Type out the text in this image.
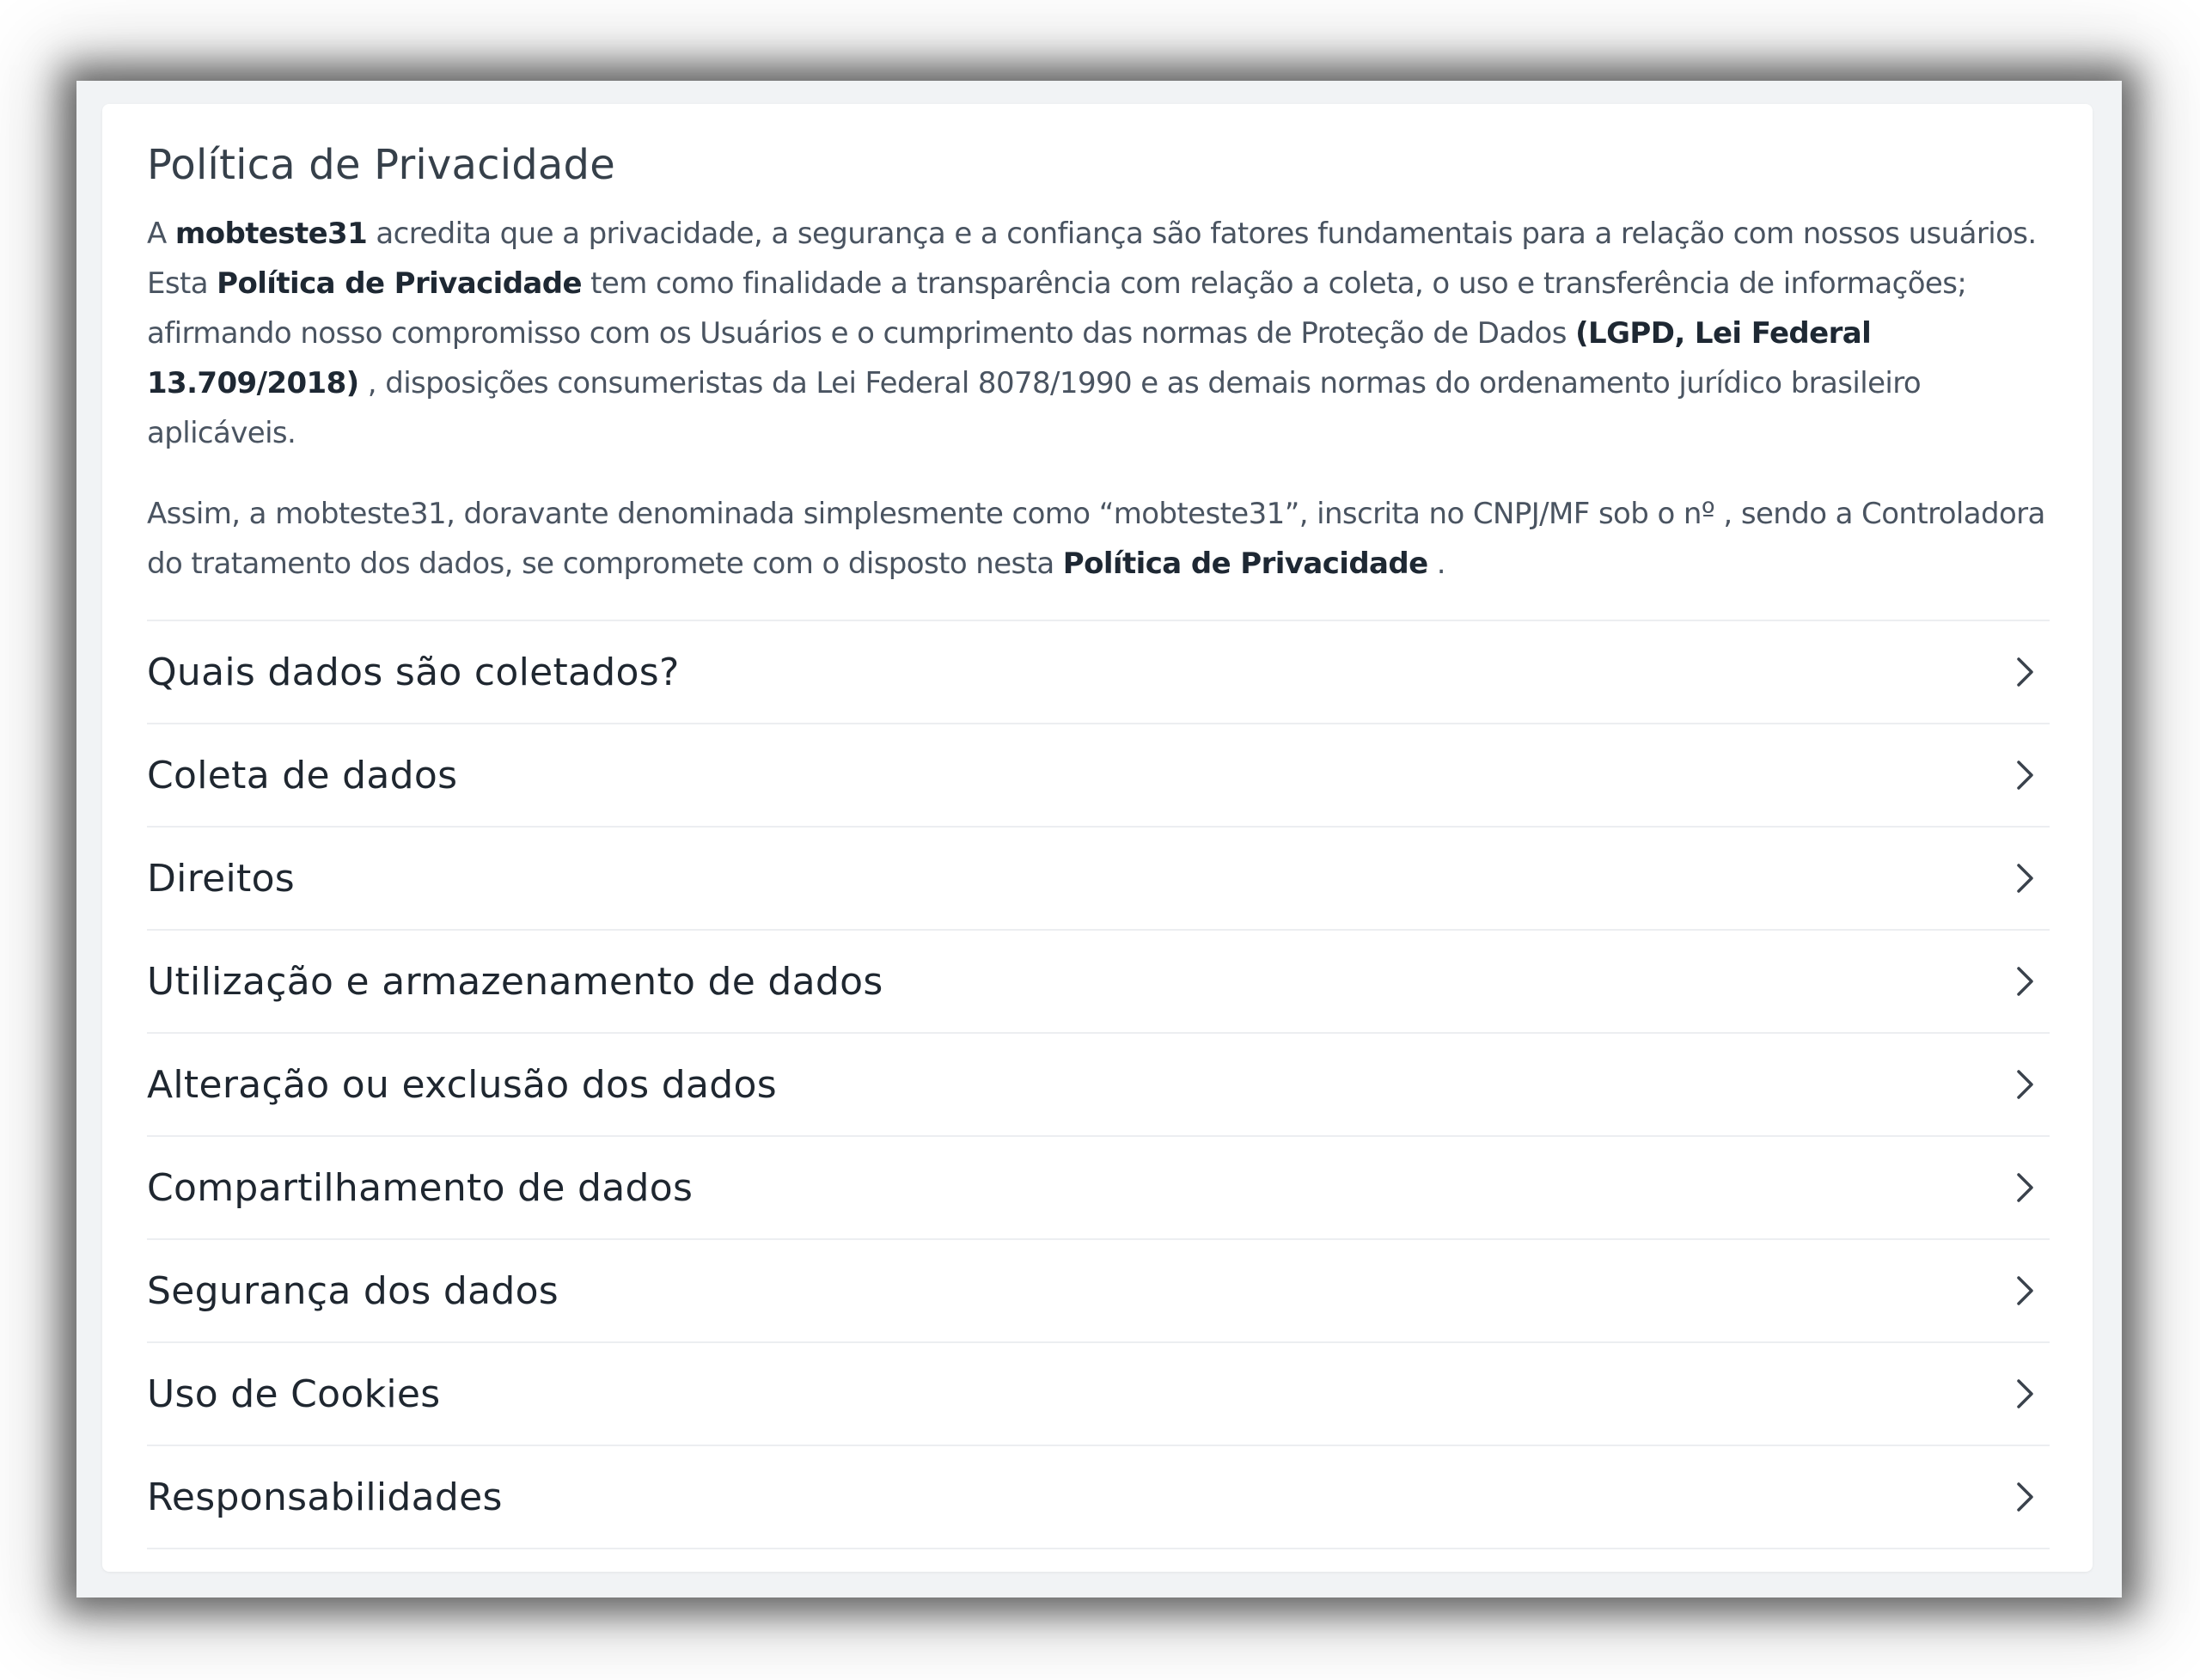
Política de Privacidade

A mobteste31 acredita que a privacidade, a segurança e a confiança são fatores fundamentais para a relação com nossos usuários. Esta Política de Privacidade tem como finalidade a transparência com relação a coleta, o uso e transferência de informações; afirmando nosso compromisso com os Usuários e o cumprimento das normas de Proteção de Dados (LGPD, Lei Federal 13.709/2018) , disposições consumeristas da Lei Federal 8078/1990 e as demais normas do ordenamento jurídico brasileiro aplicáveis.

Assim, a mobteste31, doravante denominada simplesmente como “mobteste31”, inscrita no CNPJ/MF sob o nº , sendo a Controladora do tratamento dos dados, se compromete com o disposto nesta Política de Privacidade .

Quais dados são coletados?
Coleta de dados
Direitos
Utilização e armazenamento de dados
Alteração ou exclusão dos dados
Compartilhamento de dados
Segurança dos dados
Uso de Cookies
Responsabilidades
